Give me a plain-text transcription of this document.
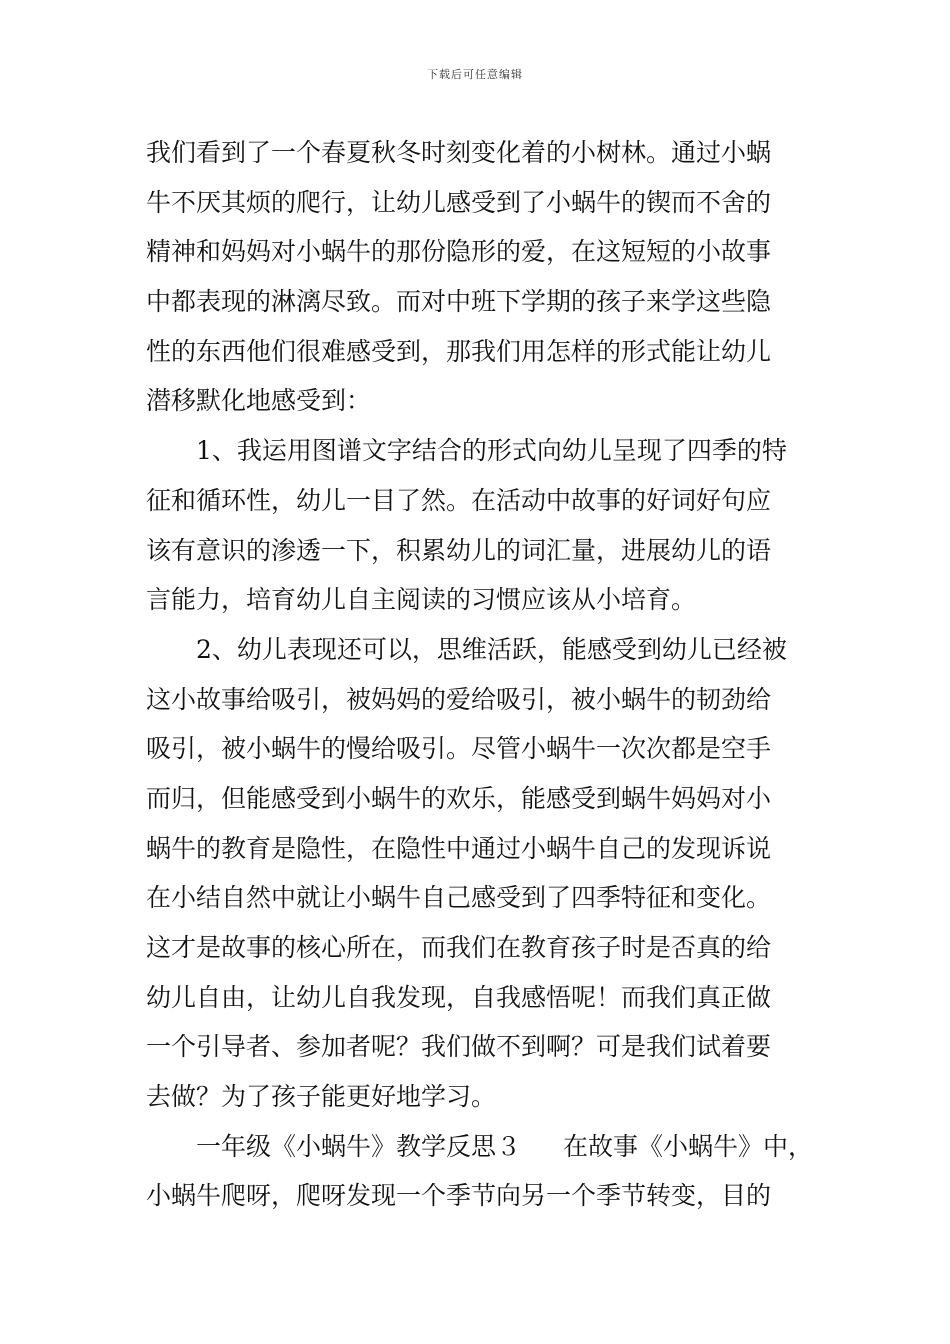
下载后可任意编辑
我们看到了一个春夏秋冬时刻变化着的小树林。通过小蜗
牛不厌其烦的爬行，让幼儿感受到了小蜗牛的锲而不舍的
精神和妈妈对小蜗牛的那份隐形的爱，在这短短的小故事
中都表现的淋漓尽致。而对中班下学期的孩子来学这些隐
性的东西他们很难感受到，那我们用怎样的形式能让幼儿
潜移默化地感受到：
1、我运用图谱文字结合的形式向幼儿呈现了四季的特
征和循环性，幼儿一目了然。在活动中故事的好词好句应
该有意识的渗透一下，积累幼儿的词汇量，进展幼儿的语
言能力，培育幼儿自主阅读的习惯应该从小培育。
2、幼儿表现还可以，思维活跃，能感受到幼儿已经被
这小故事给吸引，被妈妈的爱给吸引，被小蜗牛的韧劲给
吸引，被小蜗牛的慢给吸引。尽管小蜗牛一次次都是空手
而归，但能感受到小蜗牛的欢乐，能感受到蜗牛妈妈对小
蜗牛的教育是隐性，在隐性中通过小蜗牛自己的发现诉说
在小结自然中就让小蜗牛自己感受到了四季特征和变化。
这才是故事的核心所在，而我们在教育孩子时是否真的给
幼儿自由，让幼儿自我发现，自我感悟呢！而我们真正做
一个引导者、参加者呢？我们做不到啊？可是我们试着要
去做？为了孩子能更好地学习。
一年级《小蜗牛》教学反思３ 在故事《小蜗牛》中，
小蜗牛爬呀，爬呀发现一个季节向另一个季节转变，目的
